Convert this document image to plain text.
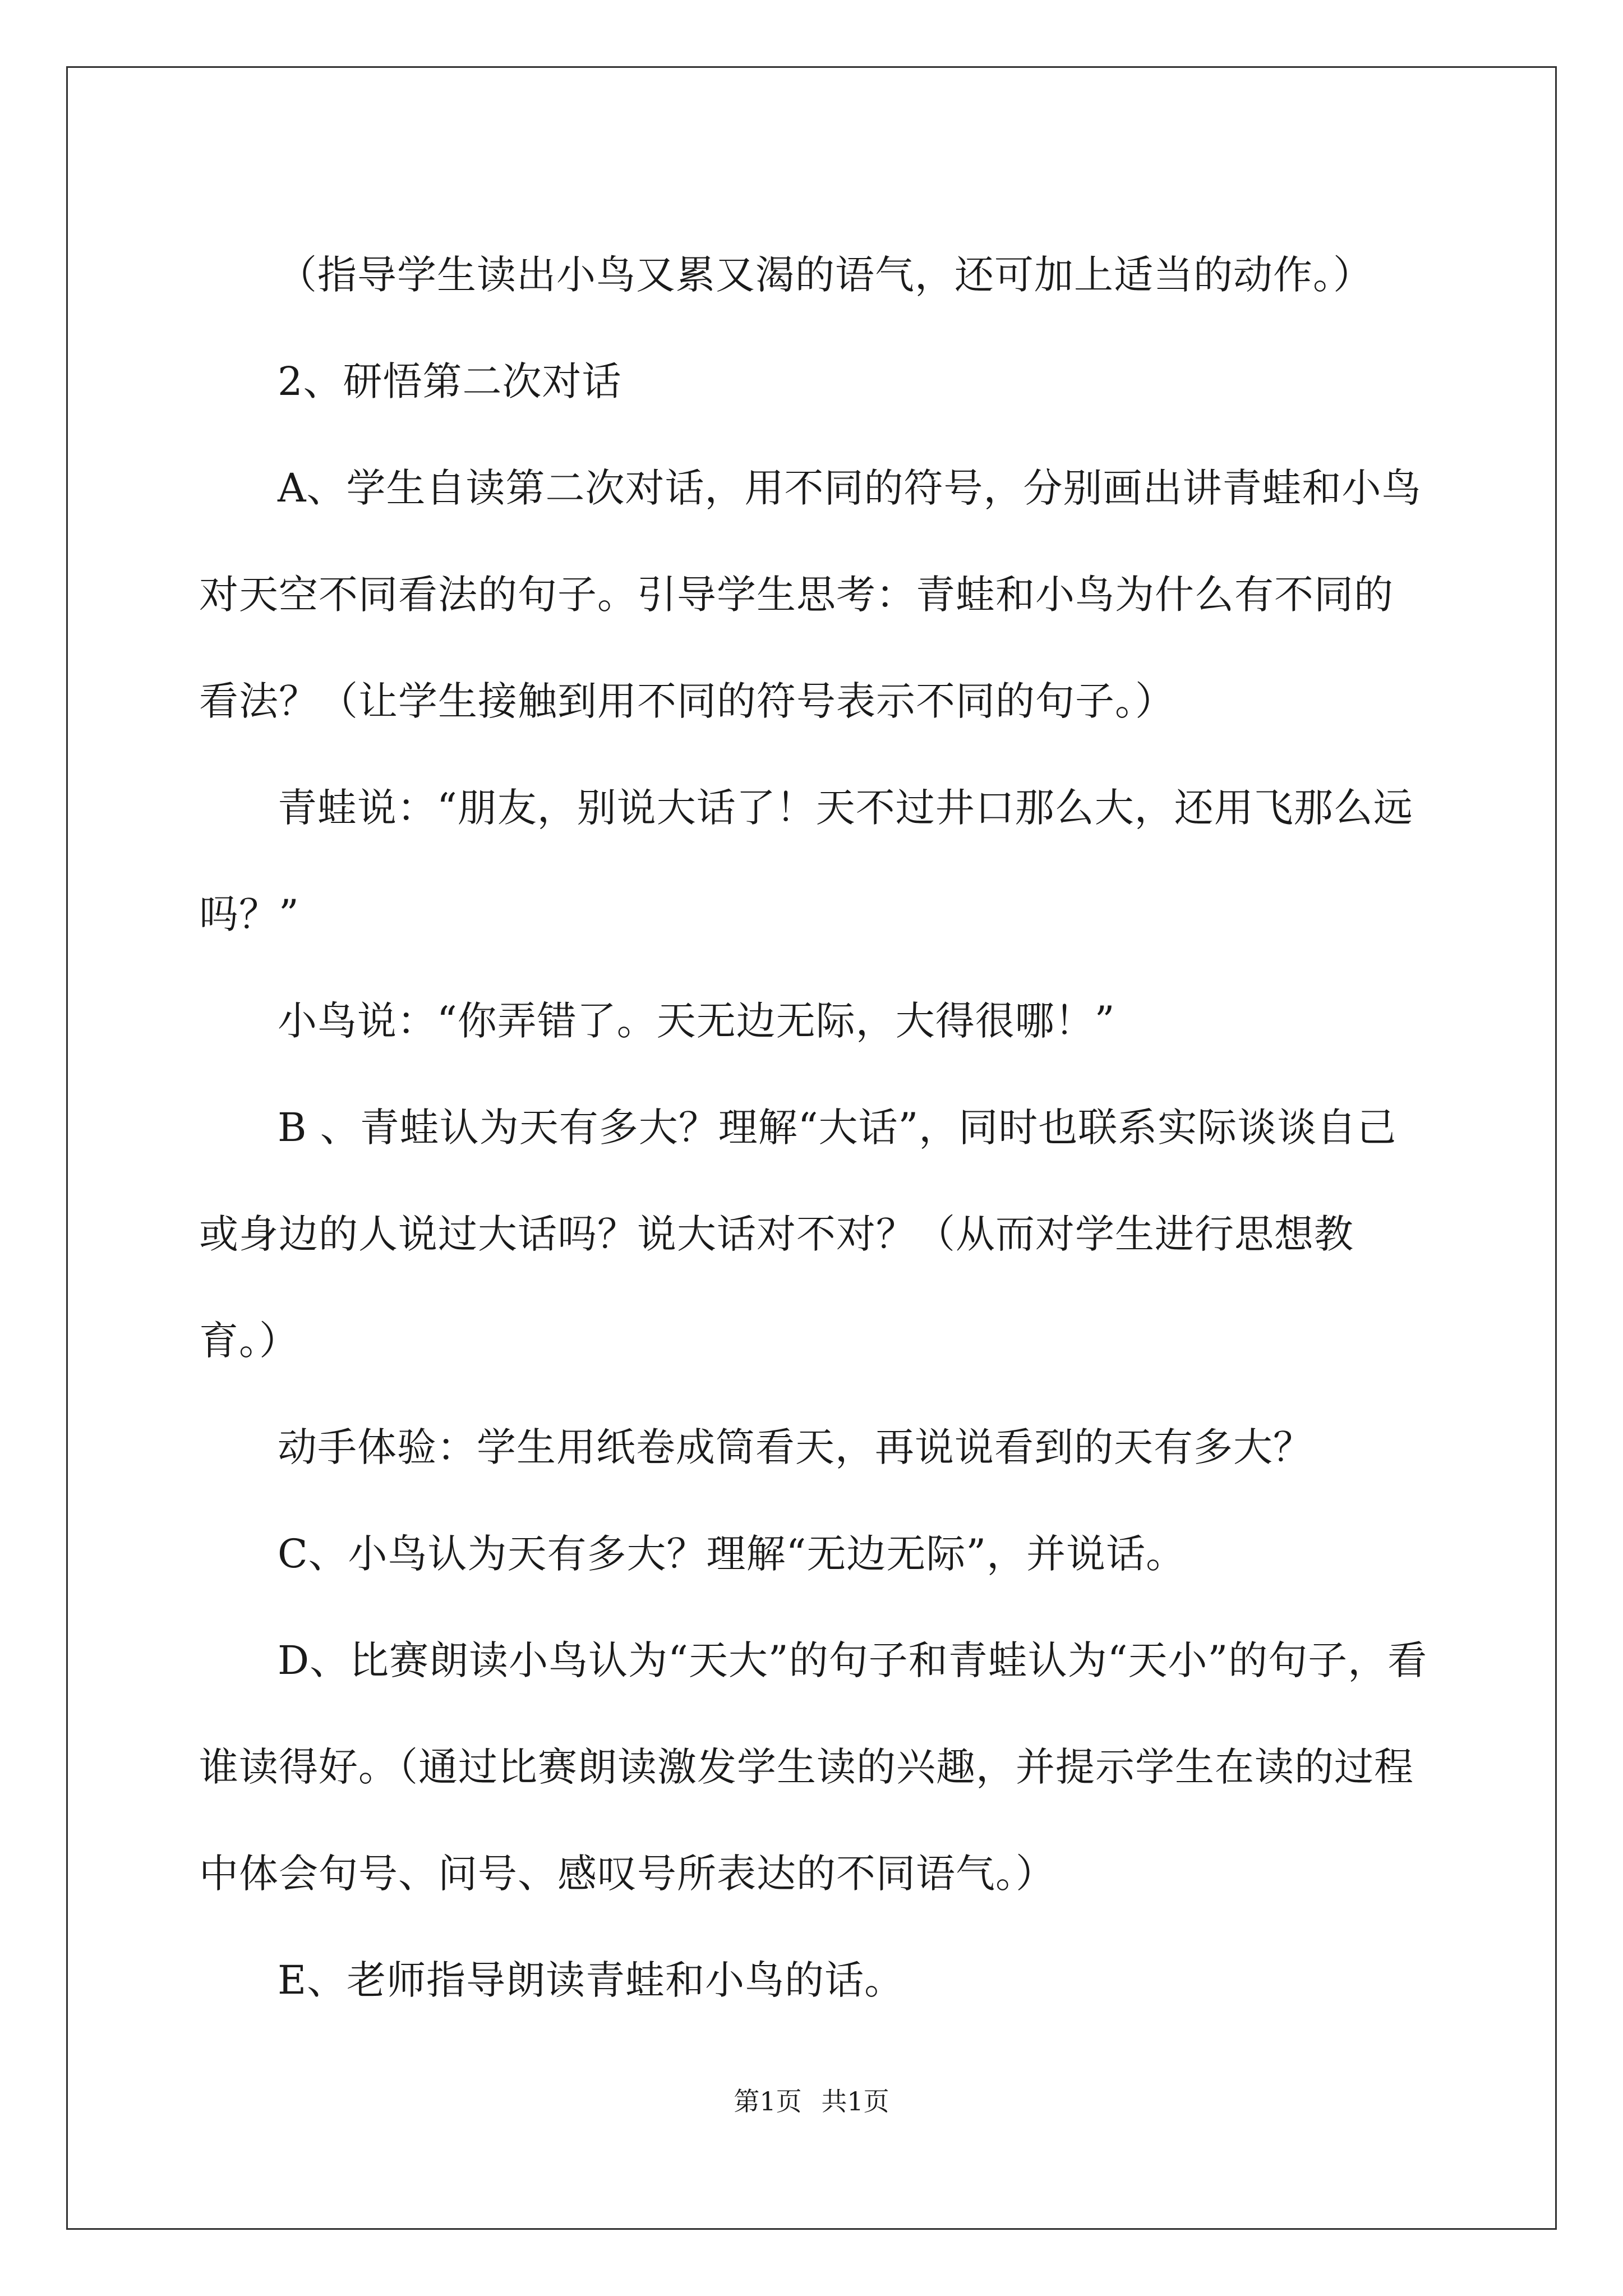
（指导学生读出小鸟又累又渴的语气，还可加上适当的动作。）

2、研悟第二次对话

A、学生自读第二次对话，用不同的符号，分别画出讲青蛙和小鸟对天空不同看法的句子。引导学生思考：青蛙和小鸟为什么有不同的看法？（让学生接触到用不同的符号表示不同的句子。）

青蛙说：“朋友，别说大话了！天不过井口那么大，还用飞那么远吗？”

小鸟说：“你弄错了。天无边无际，大得很哪！”

B 、青蛙认为天有多大？理解“大话”，同时也联系实际谈谈自己或身边的人说过大话吗？说大话对不对？（从而对学生进行思想教育。）

动手体验：学生用纸卷成筒看天，再说说看到的天有多大？

C、小鸟认为天有多大？理解“无边无际”，并说话。

D、比赛朗读小鸟认为“天大”的句子和青蛙认为“天小”的句子，看谁读得好。（通过比赛朗读激发学生读的兴趣，并提示学生在读的过程中体会句号、问号、感叹号所表达的不同语气。）

E、老师指导朗读青蛙和小鸟的话。

第1页 共1页
